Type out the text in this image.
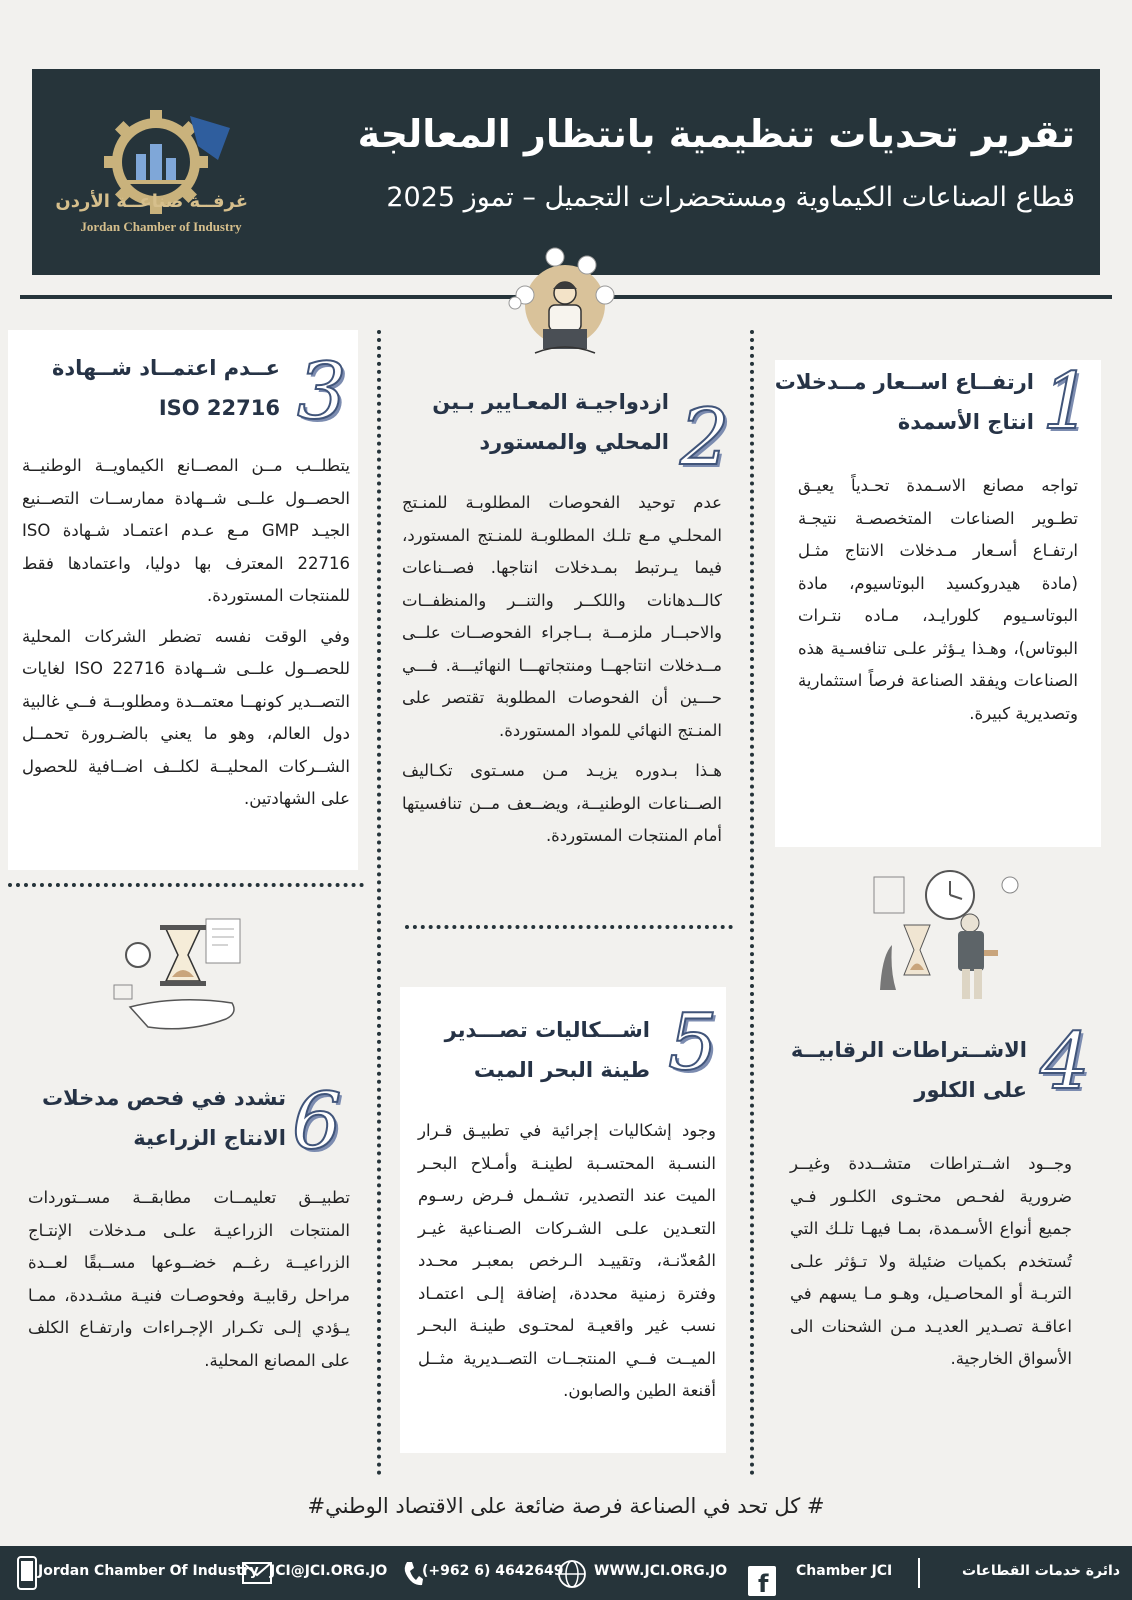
تقرير تحديات تنظيمية بانتظار المعالجة
قطاع الصناعات الكيماوية ومستحضرات التجميل – تموز 2025
غرفــة صناعــة الأردن
Jordan Chamber of Industry
1
ارتفــاع اســعار مــدخلات
انتاج الأسمدة

تواجه مصانع الاسـمدة تحـدياً يعيـق تطـوير الصناعات المتخصصـة نتيجـة ارتفـاع أسـعار مـدخلات الانتاج مثـل (مادة هيدروكسيد البوتاسيوم، مادة البوتاسـيوم كلورايـد، مـاده نتـرات البوتاس)، وهـذا يـؤثر علـى تنافسـية هذه الصناعات ويفقد الصناعة فرصاً استثمارية وتصديرية كبيرة.

2
ازدواجيـة المعـايير بـين
المحلي والمستورد

عدم توحيد الفحوصات المطلوبـة للمنـتج المحلـي مـع تلـك المطلوبـة للمنـتج المستورد، فيما يـرتبط بمـدخلات انتاجها. فصــناعات كالــدهانات واللكــر والتنــر والمنظفــات والاحبــار ملزمــة بــاجراء الفحوصــات علــى مــدخلات انتاجهــا ومنتجاتهـــا النهائيـــة. فـــي حـــين أن الفحوصات المطلوبة تقتصر على المنـتج النهائي للمواد المستوردة.

هـذا بـدوره يزيـد مـن مسـتوى تكـاليف الصــناعات الوطنيــة، ويضــعف مــن تنافسيتها أمام المنتجات المستوردة.

3
عــدم اعتمــاد شــهادة
ISO 22716

يتطلــب مــن المصــانع الكيماويــة الوطنيــة الحصــول علــى شــهادة ممارســات التصــنيع الجيـد GMP مـع عـدم اعتمـاد شـهادة ISO 22716 المعترف بها دوليا، واعتمادها فقط للمنتجات المستوردة.

وفي الوقت نفسه تضطر الشركات المحلية للحصــول علــى شــهادة ISO 22716 لغايات التصــدير كونهــا معتمــدة ومطلوبــة فــي غالبية دول العالم، وهو ما يعني بالضـرورة تحمــل الشــركات المحليــة لكلــف اضــافية للحصول على الشهادتين.

4
الاشــتراطات الرقابيــة
على الكلور

وجــود اشــتراطات متشــددة وغيــر ضرورية لفحـص محتـوى الكلـور فـي جميع أنواع الأسـمدة، بمـا فيهـا تلـك التي تُستخدم بكميات ضئيلة ولا تـؤثر علـى التربـة أو المحاصـيل، وهـو مـا يسهم في اعاقـة تصـدير العديـد مـن الشحنات الى الأسواق الخارجية.

5
اشـــكاليات تصـــدير
طينة البحر الميت

وجود إشكاليات إجرائية في تطبيـق قـرار النسـبة المحتسـبة لطينـة وأمـلاح البحـر الميت عند التصدير، تشـمل فـرض رسـوم التعـدين علـى الشـركات الصـناعية غيـر المُعدّنـة، وتقييـد الـرخص بمعبـر محـدد وفترة زمنية محددة، إضافة إلـى اعتمـاد نسب غير واقعيـة لمحتـوى طينـة البحـر الميــت فــي المنتجــات التصــديرية مثــل أقنعة الطين والصابون.

6
تشدد في فحص مدخلات
الانتاج الزراعية

تطبيــق تعليمــات مطابقــة مســتوردات المنتجات الزراعيـة علـى مـدخلات الإنتـاج الزراعيــة رغــم خضــوعها مســبقًا لعــدة مراحل رقابيـة وفحوصـات فنيـة مشـددة، ممـا يـؤدي إلـى تكـرار الإجـراءات وارتفـاع الكلف على المصانع المحلية.

# كل تحد في الصناعة فرصة ضائعة على الاقتصاد الوطني#
دائرة خدمات القطاعات
Chamber JCI
f
WWW.JCI.ORG.JO
(+962 6) 4642649
JCI@JCI.ORG.JO
Jordan Chamber Of Industry
